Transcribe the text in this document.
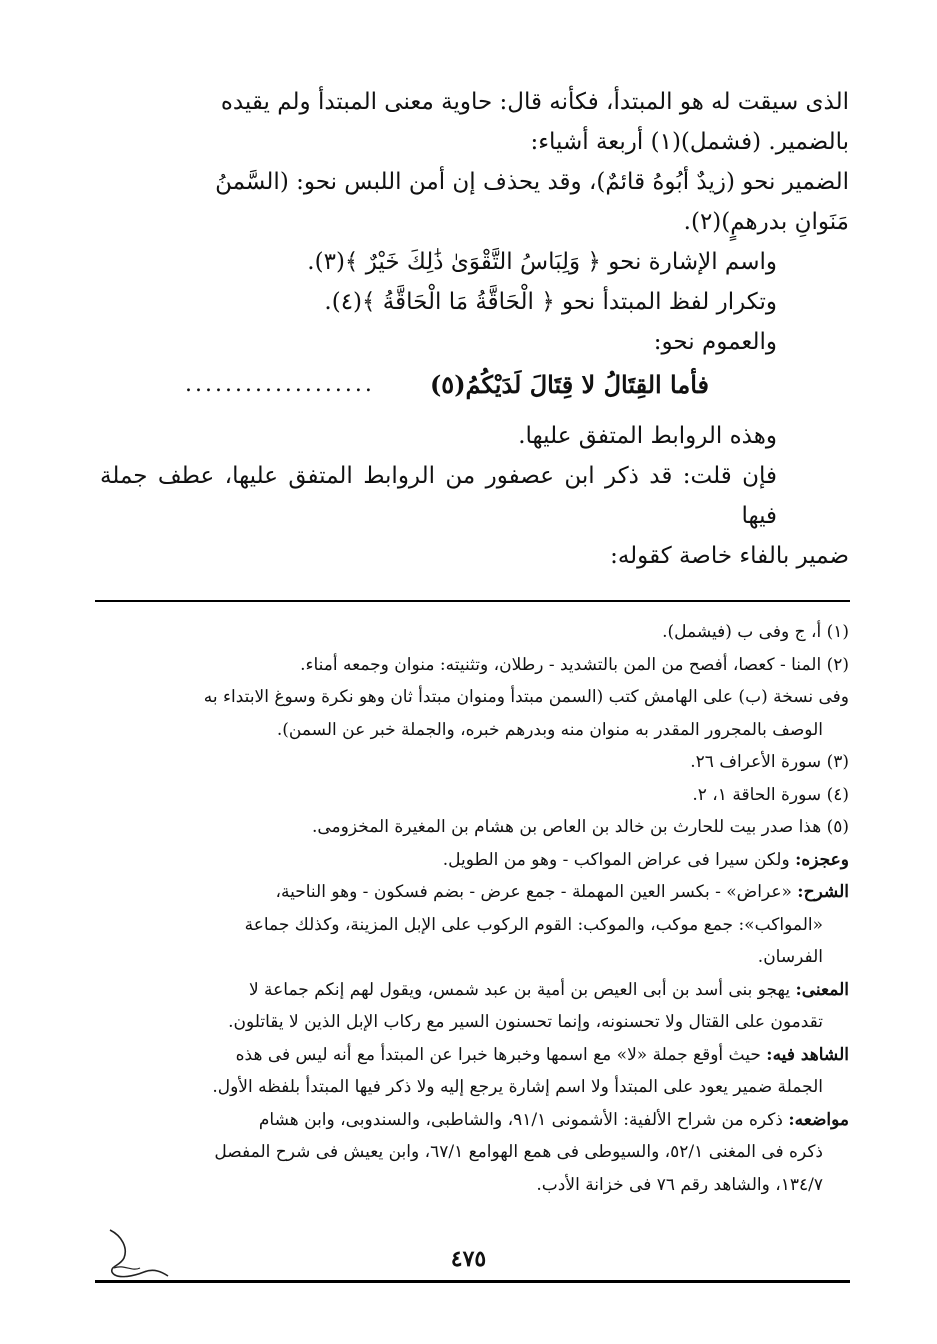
الذى سيقت له هو المبتدأ، فكأنه قال: حاوية معنى المبتدأ ولم يقيده

بالضمير. (فشمل)(١) أربعة أشياء:

الضمير نحو (زيدٌ أبُوهُ قائمٌ)، وقد يحذف إن أمن اللبس نحو: (السَّمنُ

مَنَوانِ بدرهمٍ)(٢).

واسم الإشارة نحو ﴿ وَلِبَاسُ التَّقْوَىٰ ذَٰلِكَ خَيْرٌ ﴾(٣).

وتكرار لفظ المبتدأ نحو ﴿ الْحَاقَّةُ مَا الْحَاقَّةُ ﴾(٤).

والعموم نحو:

فأما القِتَالُ لا قِتَالَ لَدَيْكُمُ(٥)
...................

وهذه الروابط المتفق عليها.

فإن قلت: قد ذكر ابن عصفور من الروابط المتفق عليها، عطف جملة فيها

ضمير بالفاء خاصة كقوله:

(١) أ، ج وفى ب (فيشمل).

(٢) المنا - كعصا، أفصح من المن بالتشديد - رطلان، وتثنيته: منوان وجمعه أمناء.

وفى نسخة (ب) على الهامش كتب (السمن مبتدأ ومنوان مبتدأ ثان وهو نكرة وسوغ الابتداء به

الوصف بالمجرور المقدر به منوان منه وبدرهم خبره، والجملة خبر عن السمن).

(٣) سورة الأعراف ٢٦.

(٤) سورة الحاقة ١، ٢.

(٥) هذا صدر بيت للحارث بن خالد بن العاص بن هشام بن المغيرة المخزومى.

وعجزه: ولكن سيرا فى عراض المواكب - وهو من الطويل.

الشرح: «عراض» - بكسر العين المهملة - جمع عرض - بضم فسكون - وهو الناحية،

«المواكب»: جمع موكب، والموكب: القوم الركوب على الإبل المزينة، وكذلك جماعة

الفرسان.

المعنى: يهجو بنى أسد بن أبى العيص بن أمية بن عبد شمس، ويقول لهم إنكم جماعة لا

تقدمون على القتال ولا تحسنونه، وإنما تحسنون السير مع ركاب الإبل الذين لا يقاتلون.

الشاهد فيه: حيث أوقع جملة «لا» مع اسمها وخبرها خبرا عن المبتدأ مع أنه ليس فى هذه

الجملة ضمير يعود على المبتدأ ولا اسم إشارة يرجع إليه ولا ذكر فيها المبتدأ بلفظه الأول.

مواضعه: ذكره من شراح الألفية: الأشمونى ٩١/١، والشاطبى، والسندوبى، وابن هشام

ذكره فى المغنى ٥٢/١، والسيوطى فى همع الهوامع ٦٧/١، وابن يعيش فى شرح المفصل

١٣٤/٧، والشاهد رقم ٧٦ فى خزانة الأدب.

٤٧٥
